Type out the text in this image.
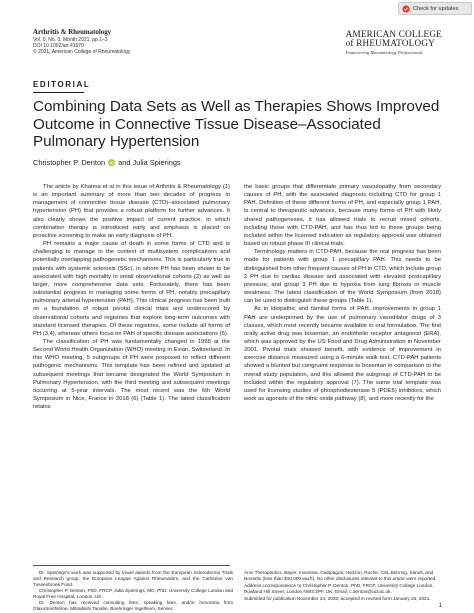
Check for updates
Arthritis & Rheumatology
Vol. 0, No. 0, Month 2021, pp 1–3
DOI 10.1002/art.41670
© 2021, American College of Rheumatology
AMERICAN COLLEGE
of RHEUMATOLOGY
Empowering Rheumatology Professionals
EDITORIAL
Combining Data Sets as Well as Therapies Shows Improved Outcome in Connective Tissue Disease–Associated Pulmonary Hypertension
Christopher P. Denton	iD and Julia Spierings

The article by Khanna et al in this issue of Arthritis & Rheumatology (1) is an important summary of more than two decades of progress in management of connective tissue disease (CTD)–associated pulmonary hypertension (PH) that provides a robust platform for further advances. It also clearly shows the positive impact of current practice, in which combination therapy is introduced early and emphasis is placed on proactive screening to make an early diagnosis of PH.

PH remains a major cause of death in some forms of CTD and is challenging to manage in the context of multisystem complications and potentially overlapping pathogenetic mechanisms. This is particularly true in patients with systemic sclerosis (SSc), in whom PH has been shown to be associated with high mortality in small observational cohorts (2) as well as larger, more comprehensive data sets. Fortunately, there has been substantial progress in managing some forms of PH, notably precapillary pulmonary arterial hypertension (PAH). This clinical progress has been built on a foundation of robust pivotal clinical trials and underscored by observational cohorts and registries that explore long-term outcomes with standard licensed therapies. Of these registries, some include all forms of PH (3,4), whereas others focus on PAH of specific disease associations (5).

The classification of PH was fundamentally changed in 1998 at the Second World Health Organization (WHO) meeting in Evian, Switzerland. In this WHO meeting, 5 subgroups of PH were proposed to reflect different pathogenic mechanisms. This template has been refined and updated at subsequent meetings that became designated the World Symposium in Pulmonary Hypertension, with the third meeting and subsequent meetings occurring at 5-year intervals. The most recent was the 6th World Symposium in Nice, France in 2018 (6) (Table 1). The latest classification retains

the basic groups that differentiate primary vasculopathy from secondary causes of PH, with the associated diagnosis including CTD for group 1 PAH. Definition of these different forms of PH, and especially group 1 PAH, is central to therapeutic advances, because many forms of PH with likely shared pathogeneses, it has allowed trials to recruit mixed cohorts, including those with CTD-PAH, and has thus led to these groups being included within the licensed indication as regulatory approval was obtained based on robust phase III clinical trials.

Terminology matters in CTD-PAH, because the real progress has been made for patients with group 1 precapillary PAH. This needs to be distinguished from other frequent causes of PH in CTD, which include group 2 PH due to cardiac disease and associated with elevated postcapillary pressure, and group 3 PH due to hypoxia from lung fibrosis or muscle weakness. The latest classification of the World Symposium (from 2018) can be used to distinguish these groups (Table 1).

As in idiopathic and familial forms of PAH, improvements in group 1 PAH are underpinned by the use of pulmonary vasodilator drugs of 3 classes, which most recently became available in oral formulation. The first orally active drug was bosentan, an endothelin receptor antagonist (ERA), which was approved by the US Food and Drug Administration in November 2001. Pivotal trials showed benefit, with evidence of improvement in exercise distance measured using a 6-minute walk test. CTD-PAH patients showed a blunted but congruent response to bosentan in comparison to the overall study population, and this allowed the subgroup of CTD-PAH to be included within the regulatory approval (7). The same trial template was used for licensing studies of phosphodiesterase 5 (PDE5) inhibitors, which work as agonists of the nitric oxide pathway (8), and more recently for the

Dr. Spierings's work was supported by travel awards from the European Scleroderma Trials and Research group, the European League Against Rheumatism, and the Catharine van Tussenbroek Fund.

Christopher P. Denton, PhD, FRCP, Julia Spierings, MD, PhD: University College London and Royal Free Hospital, London, UK.

Dr. Denton has received consulting fees, speaking fees, and/or honoraria from GlaxoSmithKline, Mitsubishi Tanabe, Boehringer Ingelheim, Servier,

Arxx Therapeutics, Bayer, Inventiva, Galápagos, Horizon, Roche, CSL Behring, Sanofi, and Novartis (less than $10,000 each). No other disclosures relevant to this article were reported.

Address correspondence to Christopher P. Denton, PhD, FRCP, University College London, Rowland Hill Street, London NW3 2PF, UK. Email: c.denton@ucl.ac.uk.

Submitted for publication November 24, 2020; accepted in revised form January 26, 2021.

1
